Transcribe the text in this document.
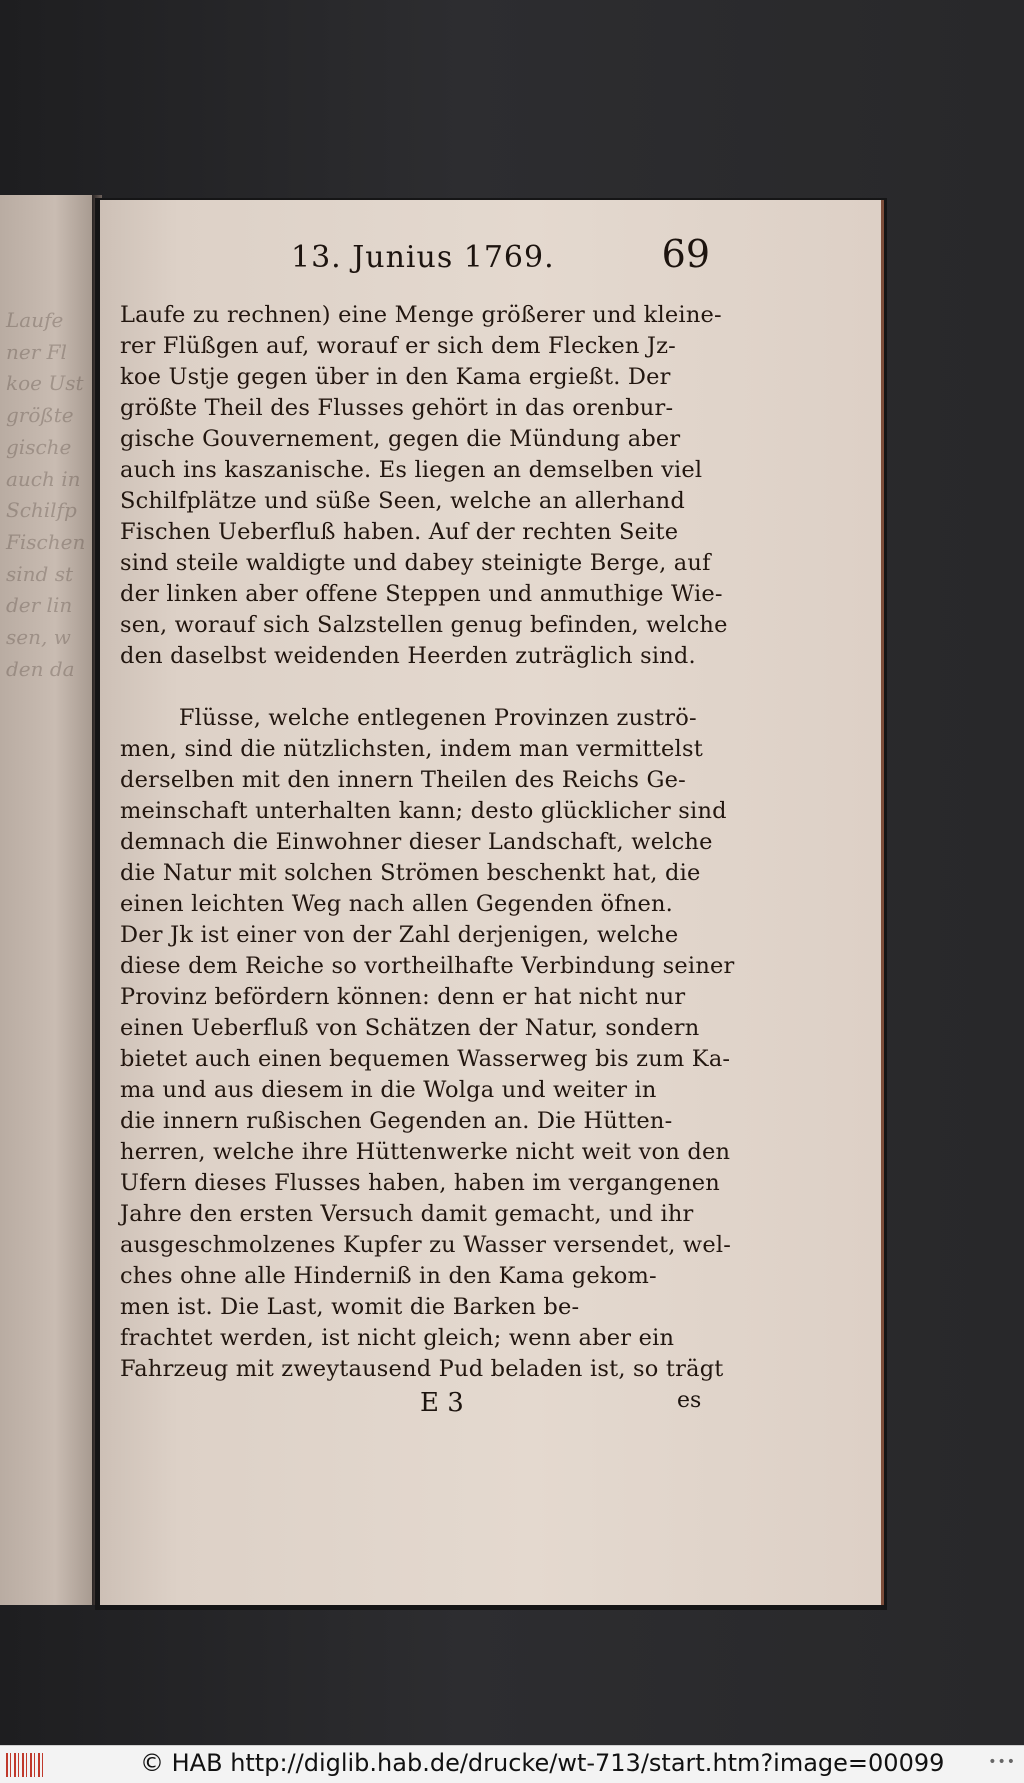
Laufe
ner Fl
koe Ust
größte
gische
auch in
Schilfp
Fischen
sind st
der lin
sen, w
den da
13. Junius 1769.	69
Laufe zu rechnen) eine Menge größerer und kleine-
rer Flüßgen auf, worauf er sich dem Flecken Jz-
koe Ustje gegen über in den Kama ergießt. Der
größte Theil des Flusses gehört in das orenbur-
gische Gouvernement, gegen die Mündung aber
auch ins kaszanische. Es liegen an demselben viel
Schilfplätze und süße Seen, welche an allerhand
Fischen Ueberfluß haben. Auf der rechten Seite
sind steile waldigte und dabey steinigte Berge, auf
der linken aber offene Steppen und anmuthige Wie-
sen, worauf sich Salzstellen genug befinden, welche
den daselbst weidenden Heerden zuträglich sind.
Flüsse, welche entlegenen Provinzen zuströ-
men, sind die nützlichsten, indem man vermittelst
derselben mit den innern Theilen des Reichs Ge-
meinschaft unterhalten kann; desto glücklicher sind
demnach die Einwohner dieser Landschaft, welche
die Natur mit solchen Strömen beschenkt hat, die
einen leichten Weg nach allen Gegenden öfnen.
Der Jk ist einer von der Zahl derjenigen, welche
diese dem Reiche so vortheilhafte Verbindung seiner
Provinz befördern können: denn er hat nicht nur
einen Ueberfluß von Schätzen der Natur, sondern
bietet auch einen bequemen Wasserweg bis zum Ka-
ma und aus diesem in die Wolga und weiter in
die innern rußischen Gegenden an. Die Hütten-
herren, welche ihre Hüttenwerke nicht weit von den
Ufern dieses Flusses haben, haben im vergangenen
Jahre den ersten Versuch damit gemacht, und ihr
ausgeschmolzenes Kupfer zu Wasser versendet, wel-
ches ohne alle Hinderniß in den Kama gekom-
men ist. Die Last, womit die Barken be-
frachtet werden, ist nicht gleich; wenn aber ein
Fahrzeug mit zweytausend Pud beladen ist, so trägt
E 3	es
© HAB http://diglib.hab.de/drucke/wt-713/start.htm?image=00099	•••
